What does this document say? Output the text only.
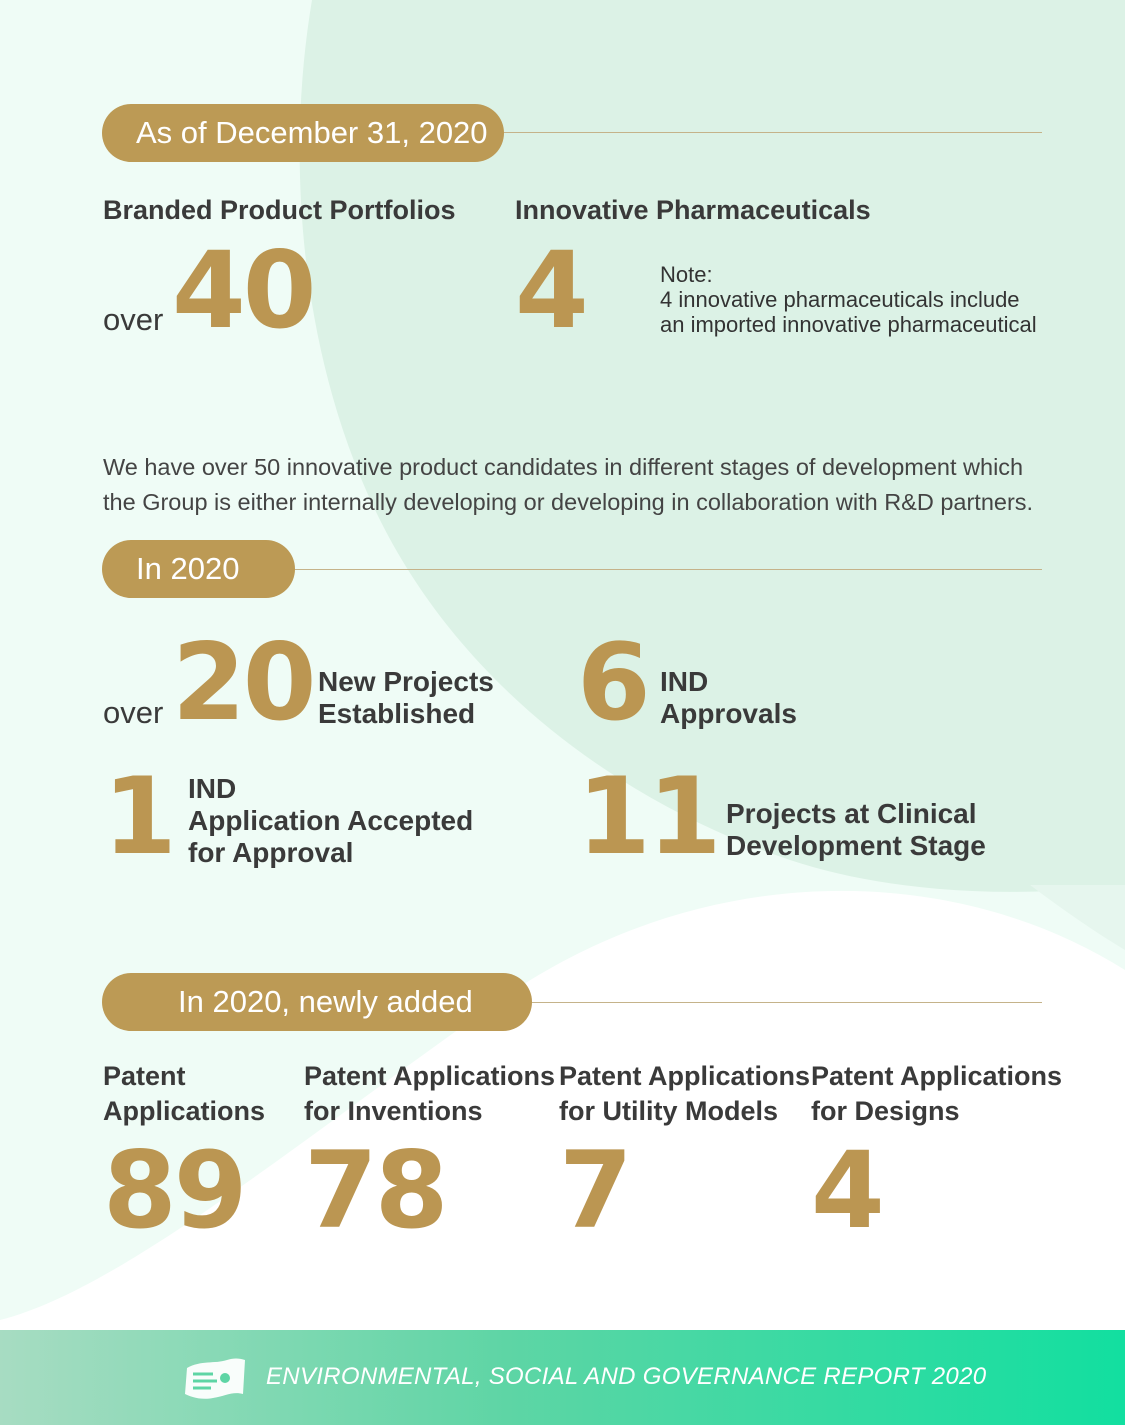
As of December 31, 2020
Branded Product Portfolios Innovative Pharmaceuticals
over 40 4	Note:
4 innovative pharmaceuticals include
an imported innovative pharmaceutical
We have over 50 innovative product candidates in different stages of development which
the Group is either internally developing or developing in collaboration with R&D partners.
In 2020
over 20 New Projects
Established 6 IND
Approvals
1 IND
Application Accepted
for Approval 11 Projects at Clinical
Development Stage
In 2020, newly added
Patent
Applications
89
Patent Applications
for Inventions
78
Patent Applications
for Utility Models
7
Patent Applications
for Designs
4
ENVIRONMENTAL, SOCIAL AND GOVERNANCE REPORT 2020
